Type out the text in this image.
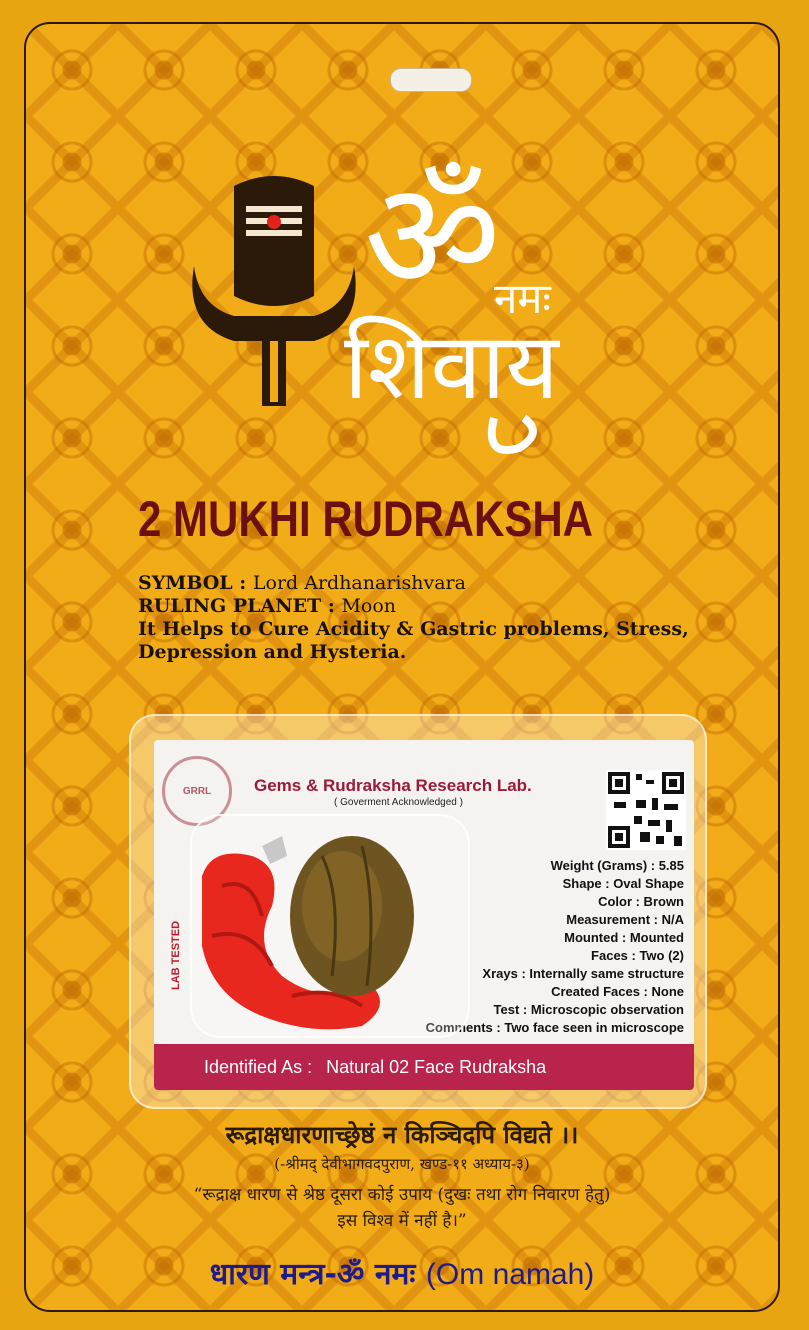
ॐ
नमः
शिवाय
2 MUKHI RUDRAKSHA

SYMBOL : Lord Ardhanarishvara

RULING PLANET : Moon

It Helps to Cure Acidity & Gastric problems, Stress,

Depression and Hysteria.

GRRL	Gems & Rudraksha Research Lab.
( Goverment Acknowledged )
Weight (Grams) : 5.85
Shape : Oval Shape
Color : Brown
Measurement : N/A
Mounted : Mounted
Faces : Two (2)
Xrays : Internally same structure
Created Faces : None
Test : Microscopic observation
Comments : Two face seen in microscope
LAB TESTED
Identified As : Natural 02 Face Rudraksha

रूद्राक्षधारणाच्छ्रेष्ठं न किञ्चिदपि विद्यते ।।

(-श्रीमद् देवीभागवदपुराण, खण्ड-११ अध्याय-३)

“रूद्राक्ष धारण से श्रेष्ठ दूसरा कोई उपाय (दुखः तथा रोग निवारण हेतु)

इस विश्व में नहीं है।”

धारण मन्त्र-ॐ नमः (Om namah)
